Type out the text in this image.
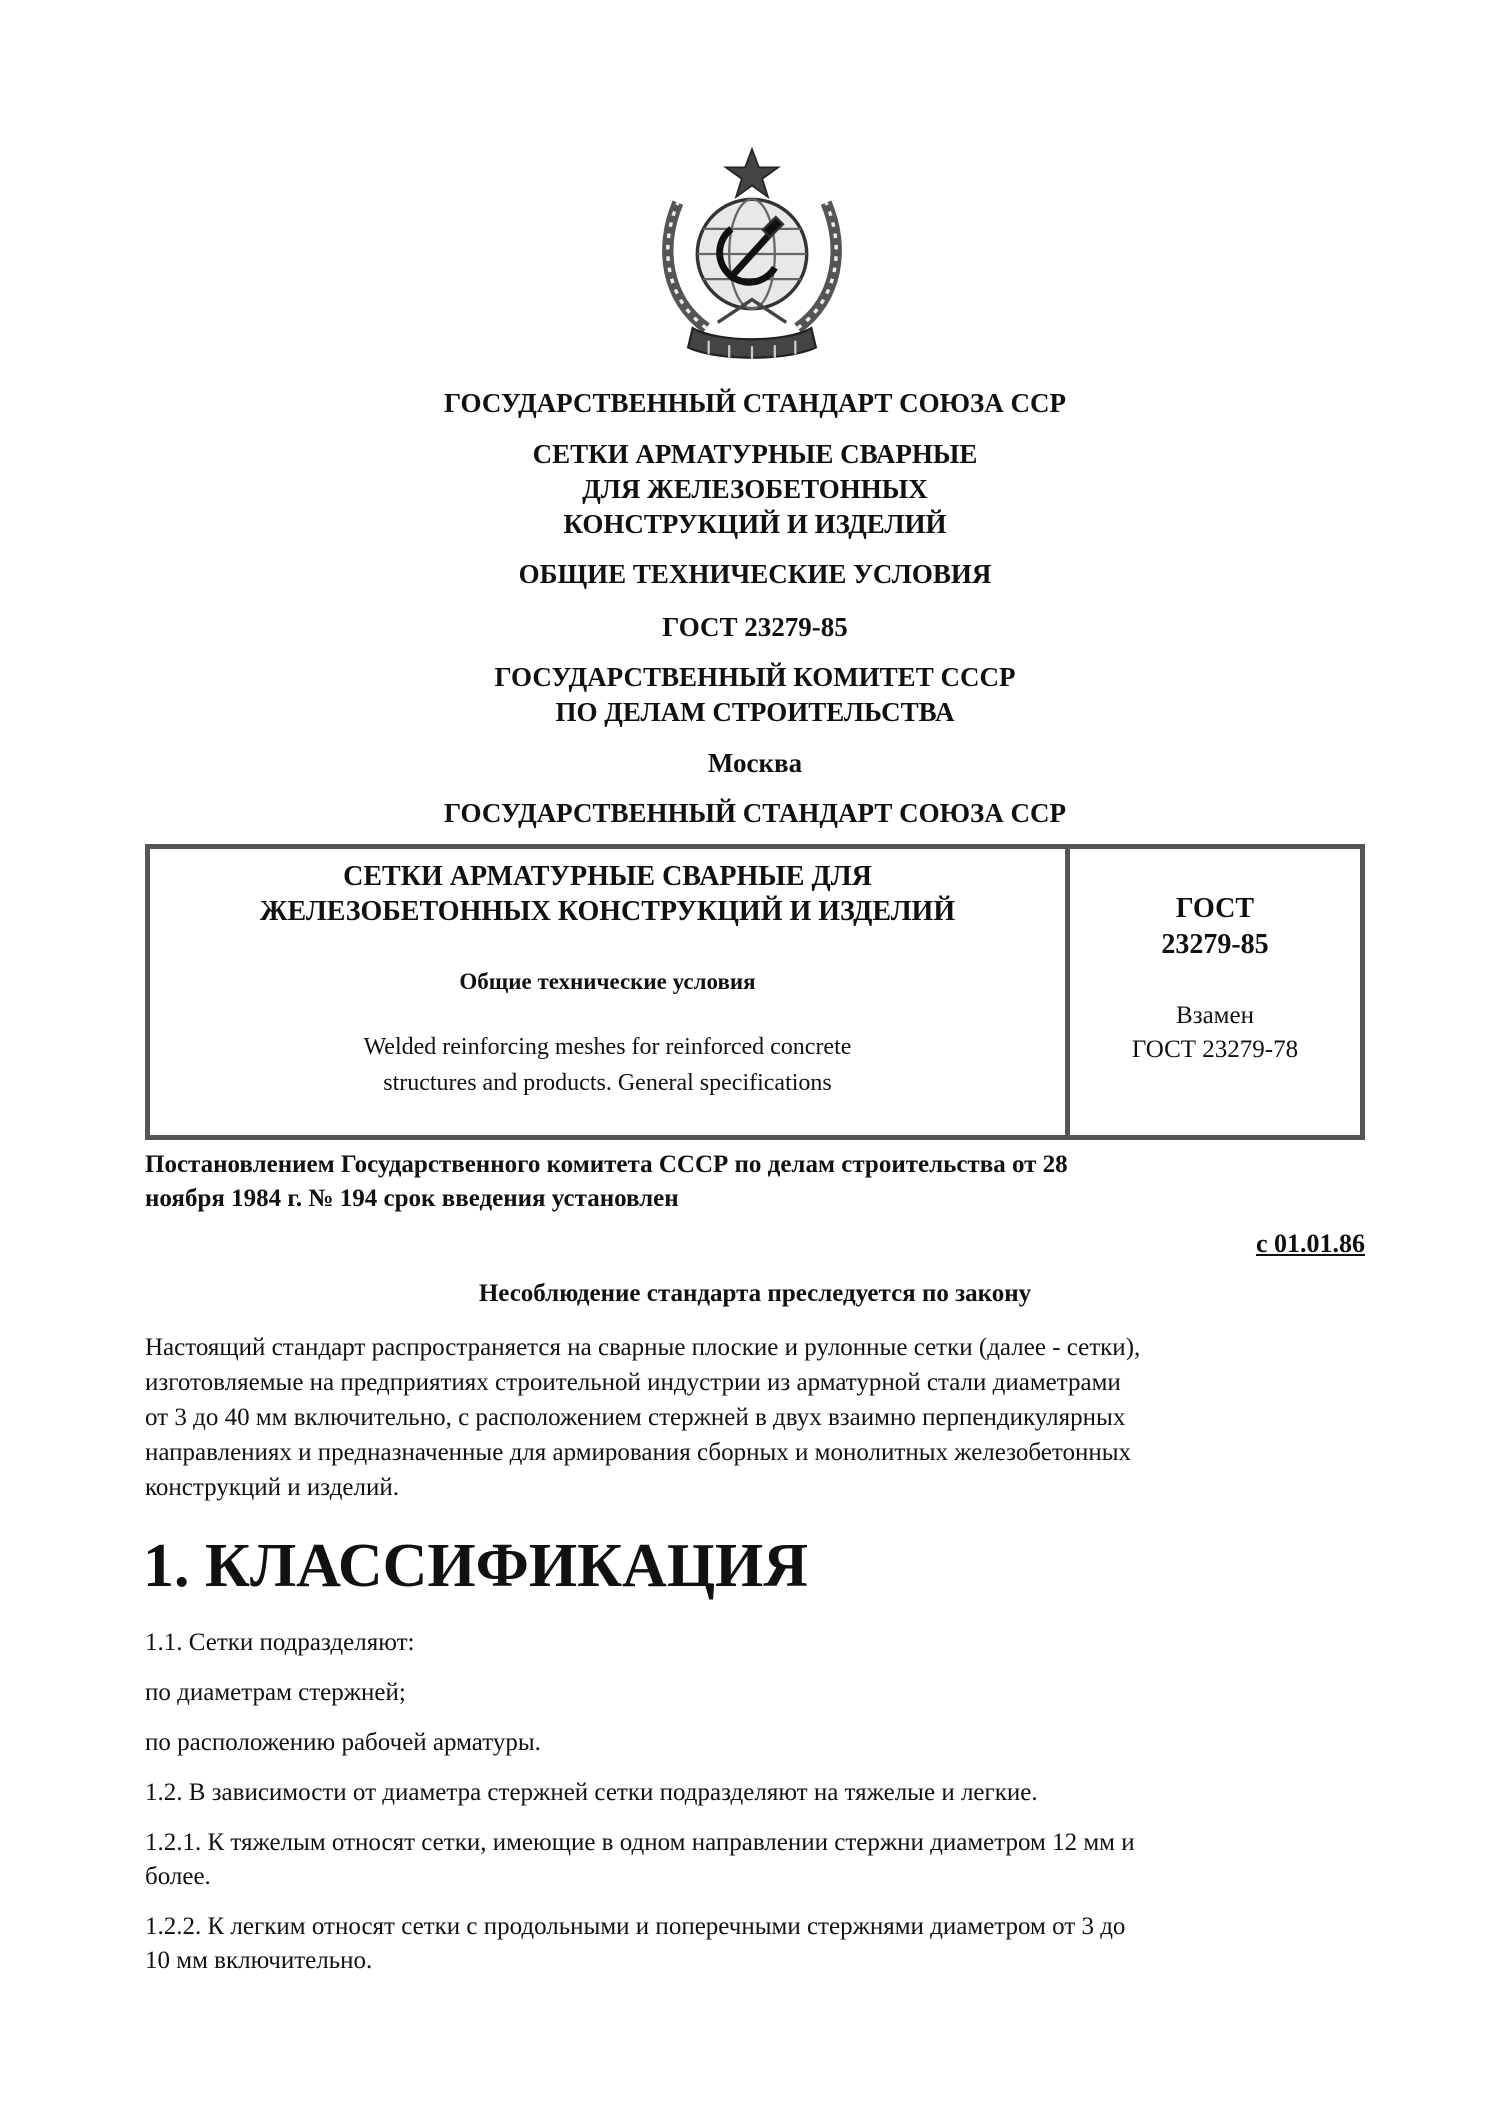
ГОСУДАРСТВЕННЫЙ СТАНДАРТ СОЮЗА ССР
СЕТКИ АРМАТУРНЫЕ СВАРНЫЕ
ДЛЯ ЖЕЛЕЗОБЕТОННЫХ
КОНСТРУКЦИЙ И ИЗДЕЛИЙ
ОБЩИЕ ТЕХНИЧЕСКИЕ УСЛОВИЯ
ГОСТ 23279-85
ГОСУДАРСТВЕННЫЙ КОМИТЕТ СССР
ПО ДЕЛАМ СТРОИТЕЛЬСТВА
Москва
ГОСУДАРСТВЕННЫЙ СТАНДАРТ СОЮЗА ССР
СЕТКИ АРМАТУРНЫЕ СВАРНЫЕ ДЛЯ
ЖЕЛЕЗОБЕТОННЫХ КОНСТРУКЦИЙ И ИЗДЕЛИЙ
Общие технические условия
Welded reinforcing meshes for reinforced concrete
structures and products. General specifications
ГОСТ
23279-85
Взамен
ГОСТ 23279-78
Постановлением Государственного комитета СССР по делам строительства от 28
ноября 1984 г. № 194 срок введения установлен
с 01.01.86
Несоблюдение стандарта преследуется по закону
Настоящий стандарт распространяется на сварные плоские и рулонные сетки (далее - сетки),
изготовляемые на предприятиях строительной индустрии из арматурной стали диаметрами
от 3 до 40 мм включительно, с расположением стержней в двух взаимно перпендикулярных
направлениях и предназначенные для армирования сборных и монолитных железобетонных
конструкций и изделий.
1. КЛАССИФИКАЦИЯ
1.1. Сетки подразделяют:
по диаметрам стержней;
по расположению рабочей арматуры.
1.2. В зависимости от диаметра стержней сетки подразделяют на тяжелые и легкие.
1.2.1. К тяжелым относят сетки, имеющие в одном направлении стержни диаметром 12 мм и
более.
1.2.2. К легким относят сетки с продольными и поперечными стержнями диаметром от 3 до
10 мм включительно.
